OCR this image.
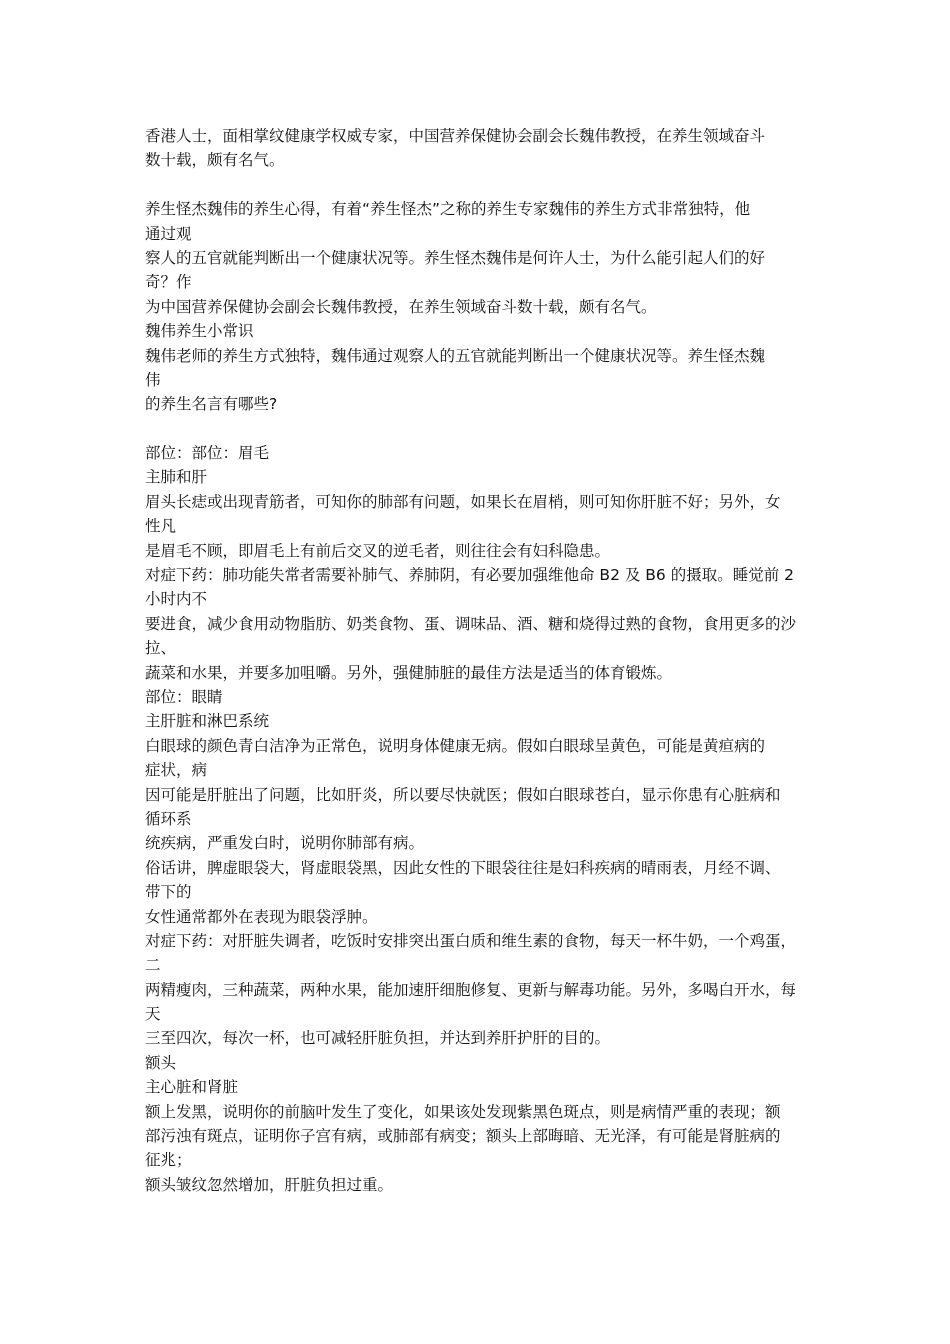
香港人士，面相掌纹健康学权威专家，中国营养保健协会副会长魏伟教授，在养生领域奋斗
数十载，颇有名气。
养生怪杰魏伟的养生心得，有着“养生怪杰”之称的养生专家魏伟的养生方式非常独特，他
通过观
察人的五官就能判断出一个健康状况等。养生怪杰魏伟是何许人士，为什么能引起人们的好
奇？作
为中国营养保健协会副会长魏伟教授，在养生领域奋斗数十载，颇有名气。
魏伟养生小常识
魏伟老师的养生方式独特，魏伟通过观察人的五官就能判断出一个健康状况等。养生怪杰魏
伟
的养生名言有哪些?
部位：部位：眉毛
主肺和肝
眉头长痣或出现青筋者，可知你的肺部有问题，如果长在眉梢，则可知你肝脏不好；另外，女
性凡
是眉毛不顾，即眉毛上有前后交叉的逆毛者，则往往会有妇科隐患。
对症下药：肺功能失常者需要补肺气、养肺阴，有必要加强维他命 B2 及 B6 的摄取。睡觉前 2
小时内不
要进食，减少食用动物脂肪、奶类食物、蛋、调味品、酒、糖和烧得过熟的食物，食用更多的沙
拉、
蔬菜和水果，并要多加咀嚼。另外，强健肺脏的最佳方法是适当的体育锻炼。
部位：眼睛
主肝脏和淋巴系统
白眼球的颜色青白洁净为正常色，说明身体健康无病。假如白眼球呈黄色，可能是黄疸病的
症状，病
因可能是肝脏出了问题，比如肝炎，所以要尽快就医；假如白眼球苍白，显示你患有心脏病和
循环系
统疾病，严重发白时，说明你肺部有病。
俗话讲，脾虚眼袋大，肾虚眼袋黑，因此女性的下眼袋往往是妇科疾病的晴雨表，月经不调、
带下的
女性通常都外在表现为眼袋浮肿。
对症下药：对肝脏失调者，吃饭时安排突出蛋白质和维生素的食物，每天一杯牛奶，一个鸡蛋，
二
两精瘦肉，三种蔬菜，两种水果，能加速肝细胞修复、更新与解毒功能。另外，多喝白开水，每
天
三至四次，每次一杯，也可减轻肝脏负担，并达到养肝护肝的目的。
额头
主心脏和肾脏
额上发黑，说明你的前脑叶发生了变化，如果该处发现紫黑色斑点，则是病情严重的表现；额
部污浊有斑点，证明你子宫有病，或肺部有病变；额头上部晦暗、无光泽，有可能是肾脏病的
征兆；
额头皱纹忽然增加，肝脏负担过重。
